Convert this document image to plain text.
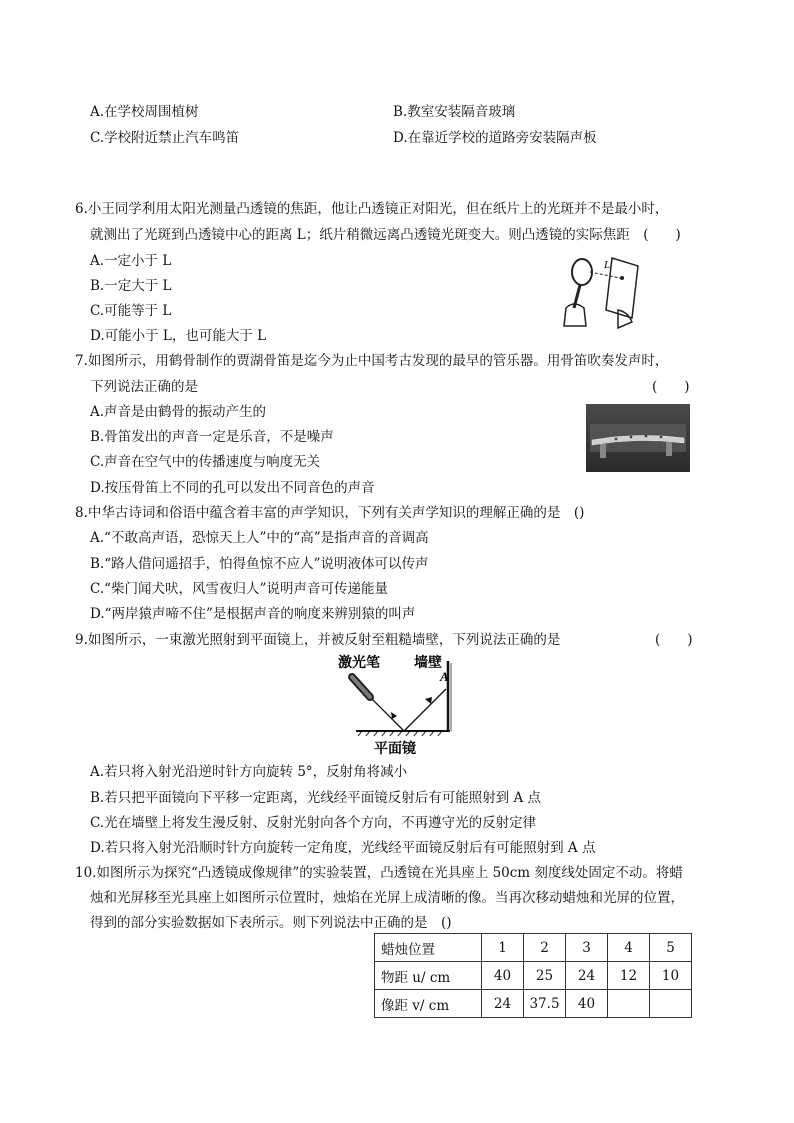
A.在学校周围植树	B.教室安装隔音玻璃
C.学校附近禁止汽车鸣笛	D.在靠近学校的道路旁安装隔声板
6.小王同学利用太阳光测量凸透镜的焦距，他让凸透镜正对阳光，但在纸片上的光斑并不是最小时，
就测出了光斑到凸透镜中心的距离 L；纸片稍微远离凸透镜光斑变大。则凸透镜的实际焦距　(　　)
A.一定小于 L
B.一定大于 L
C.可能等于 L
D.可能小于 L，也可能大于 L
L
7.如图所示，用鹤骨制作的贾湖骨笛是迄今为止中国考古发现的最早的管乐器。用骨笛吹奏发声时，
下列说法正确的是	(　　)
A.声音是由鹤骨的振动产生的
B.骨笛发出的声音一定是乐音，不是噪声
C.声音在空气中的传播速度与响度无关
D.按压骨笛上不同的孔可以发出不同音色的声音
8.中华古诗词和俗语中蕴含着丰富的声学知识，下列有关声学知识的理解正确的是　()
A.“不敢高声语，恐惊天上人”中的“高”是指声音的音调高
B.“路人借问遥招手，怕得鱼惊不应人”说明液体可以传声
C.“柴门闻犬吠，风雪夜归人”说明声音可传递能量
D.“两岸猿声啼不住”是根据声音的响度来辨别猿的叫声
9.如图所示，一束激光照射到平面镜上，并被反射至粗糙墙壁，下列说法正确的是	(　　)
激光笔 墙壁
A
平面镜
A.若只将入射光沿逆时针方向旋转 5°，反射角将减小
B.若只把平面镜向下平移一定距离，光线经平面镜反射后有可能照射到 A 点
C.光在墙壁上将发生漫反射、反射光射向各个方向，不再遵守光的反射定律
D.若只将入射光沿顺时针方向旋转一定角度，光线经平面镜反射后有可能照射到 A 点
10.如图所示为探究“凸透镜成像规律”的实验装置，凸透镜在光具座上 50cm 刻度线处固定不动。将蜡
烛和光屏移至光具座上如图所示位置时，烛焰在光屏上成清晰的像。当再次移动蜡烛和光屏的位置，
得到的部分实验数据如下表所示。则下列说法中正确的是　()
蜡烛位置	1	2	3	4	5
物距 u/ cm	40	25	24	12	10
像距 v/ cm	24	37.5	40		
